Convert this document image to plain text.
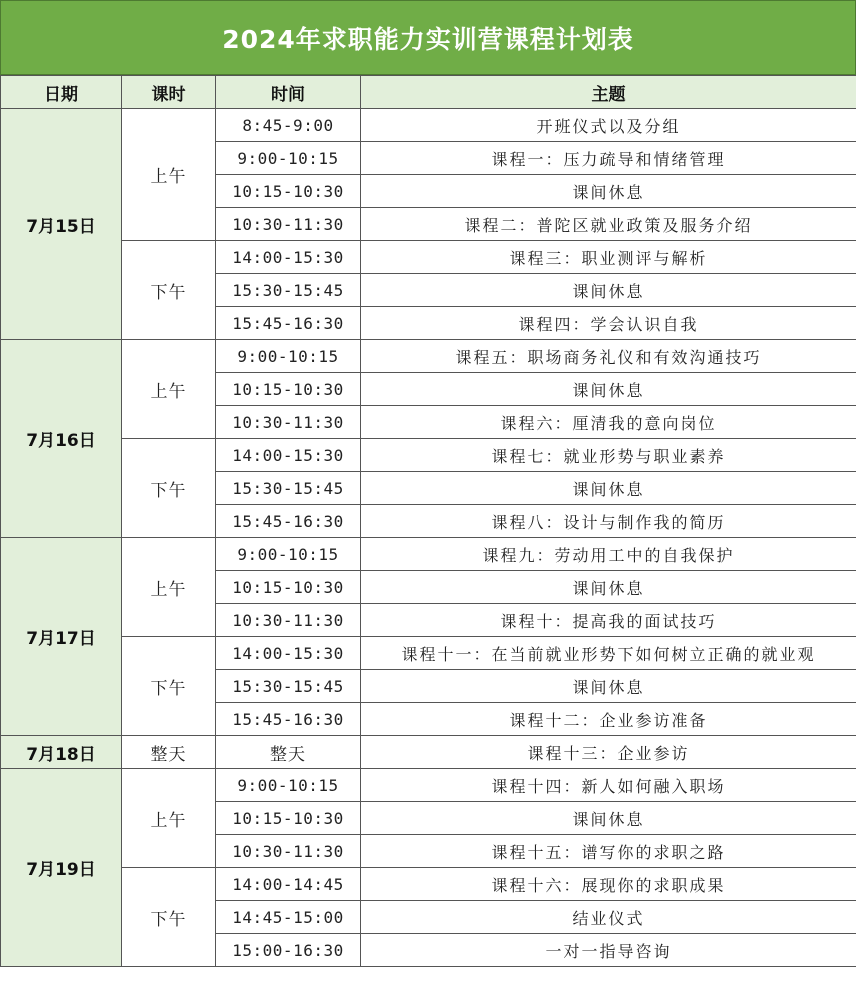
2024年求职能力实训营课程计划表
日期	课时	时间	主题
7月15日	上午	8:45-9:00	开班仪式以及分组
		9:00-10:15	课程一：压力疏导和情绪管理
		10:15-10:30	课间休息
		10:30-11:30	课程二：普陀区就业政策及服务介绍
	下午	14:00-15:30	课程三：职业测评与解析
		15:30-15:45	课间休息
		15:45-16:30	课程四：学会认识自我
7月16日	上午	9:00-10:15	课程五：职场商务礼仪和有效沟通技巧
		10:15-10:30	课间休息
		10:30-11:30	课程六：厘清我的意向岗位
	下午	14:00-15:30	课程七：就业形势与职业素养
		15:30-15:45	课间休息
		15:45-16:30	课程八：设计与制作我的简历
7月17日	上午	9:00-10:15	课程九：劳动用工中的自我保护
		10:15-10:30	课间休息
		10:30-11:30	课程十：提高我的面试技巧
	下午	14:00-15:30	课程十一：在当前就业形势下如何树立正确的就业观
		15:30-15:45	课间休息
		15:45-16:30	课程十二：企业参访准备
7月18日	整天	整天	课程十三：企业参访
7月19日	上午	9:00-10:15	课程十四：新人如何融入职场
		10:15-10:30	课间休息
		10:30-11:30	课程十五：谱写你的求职之路
	下午	14:00-14:45	课程十六：展现你的求职成果
		14:45-15:00	结业仪式
		15:00-16:30	一对一指导咨询
